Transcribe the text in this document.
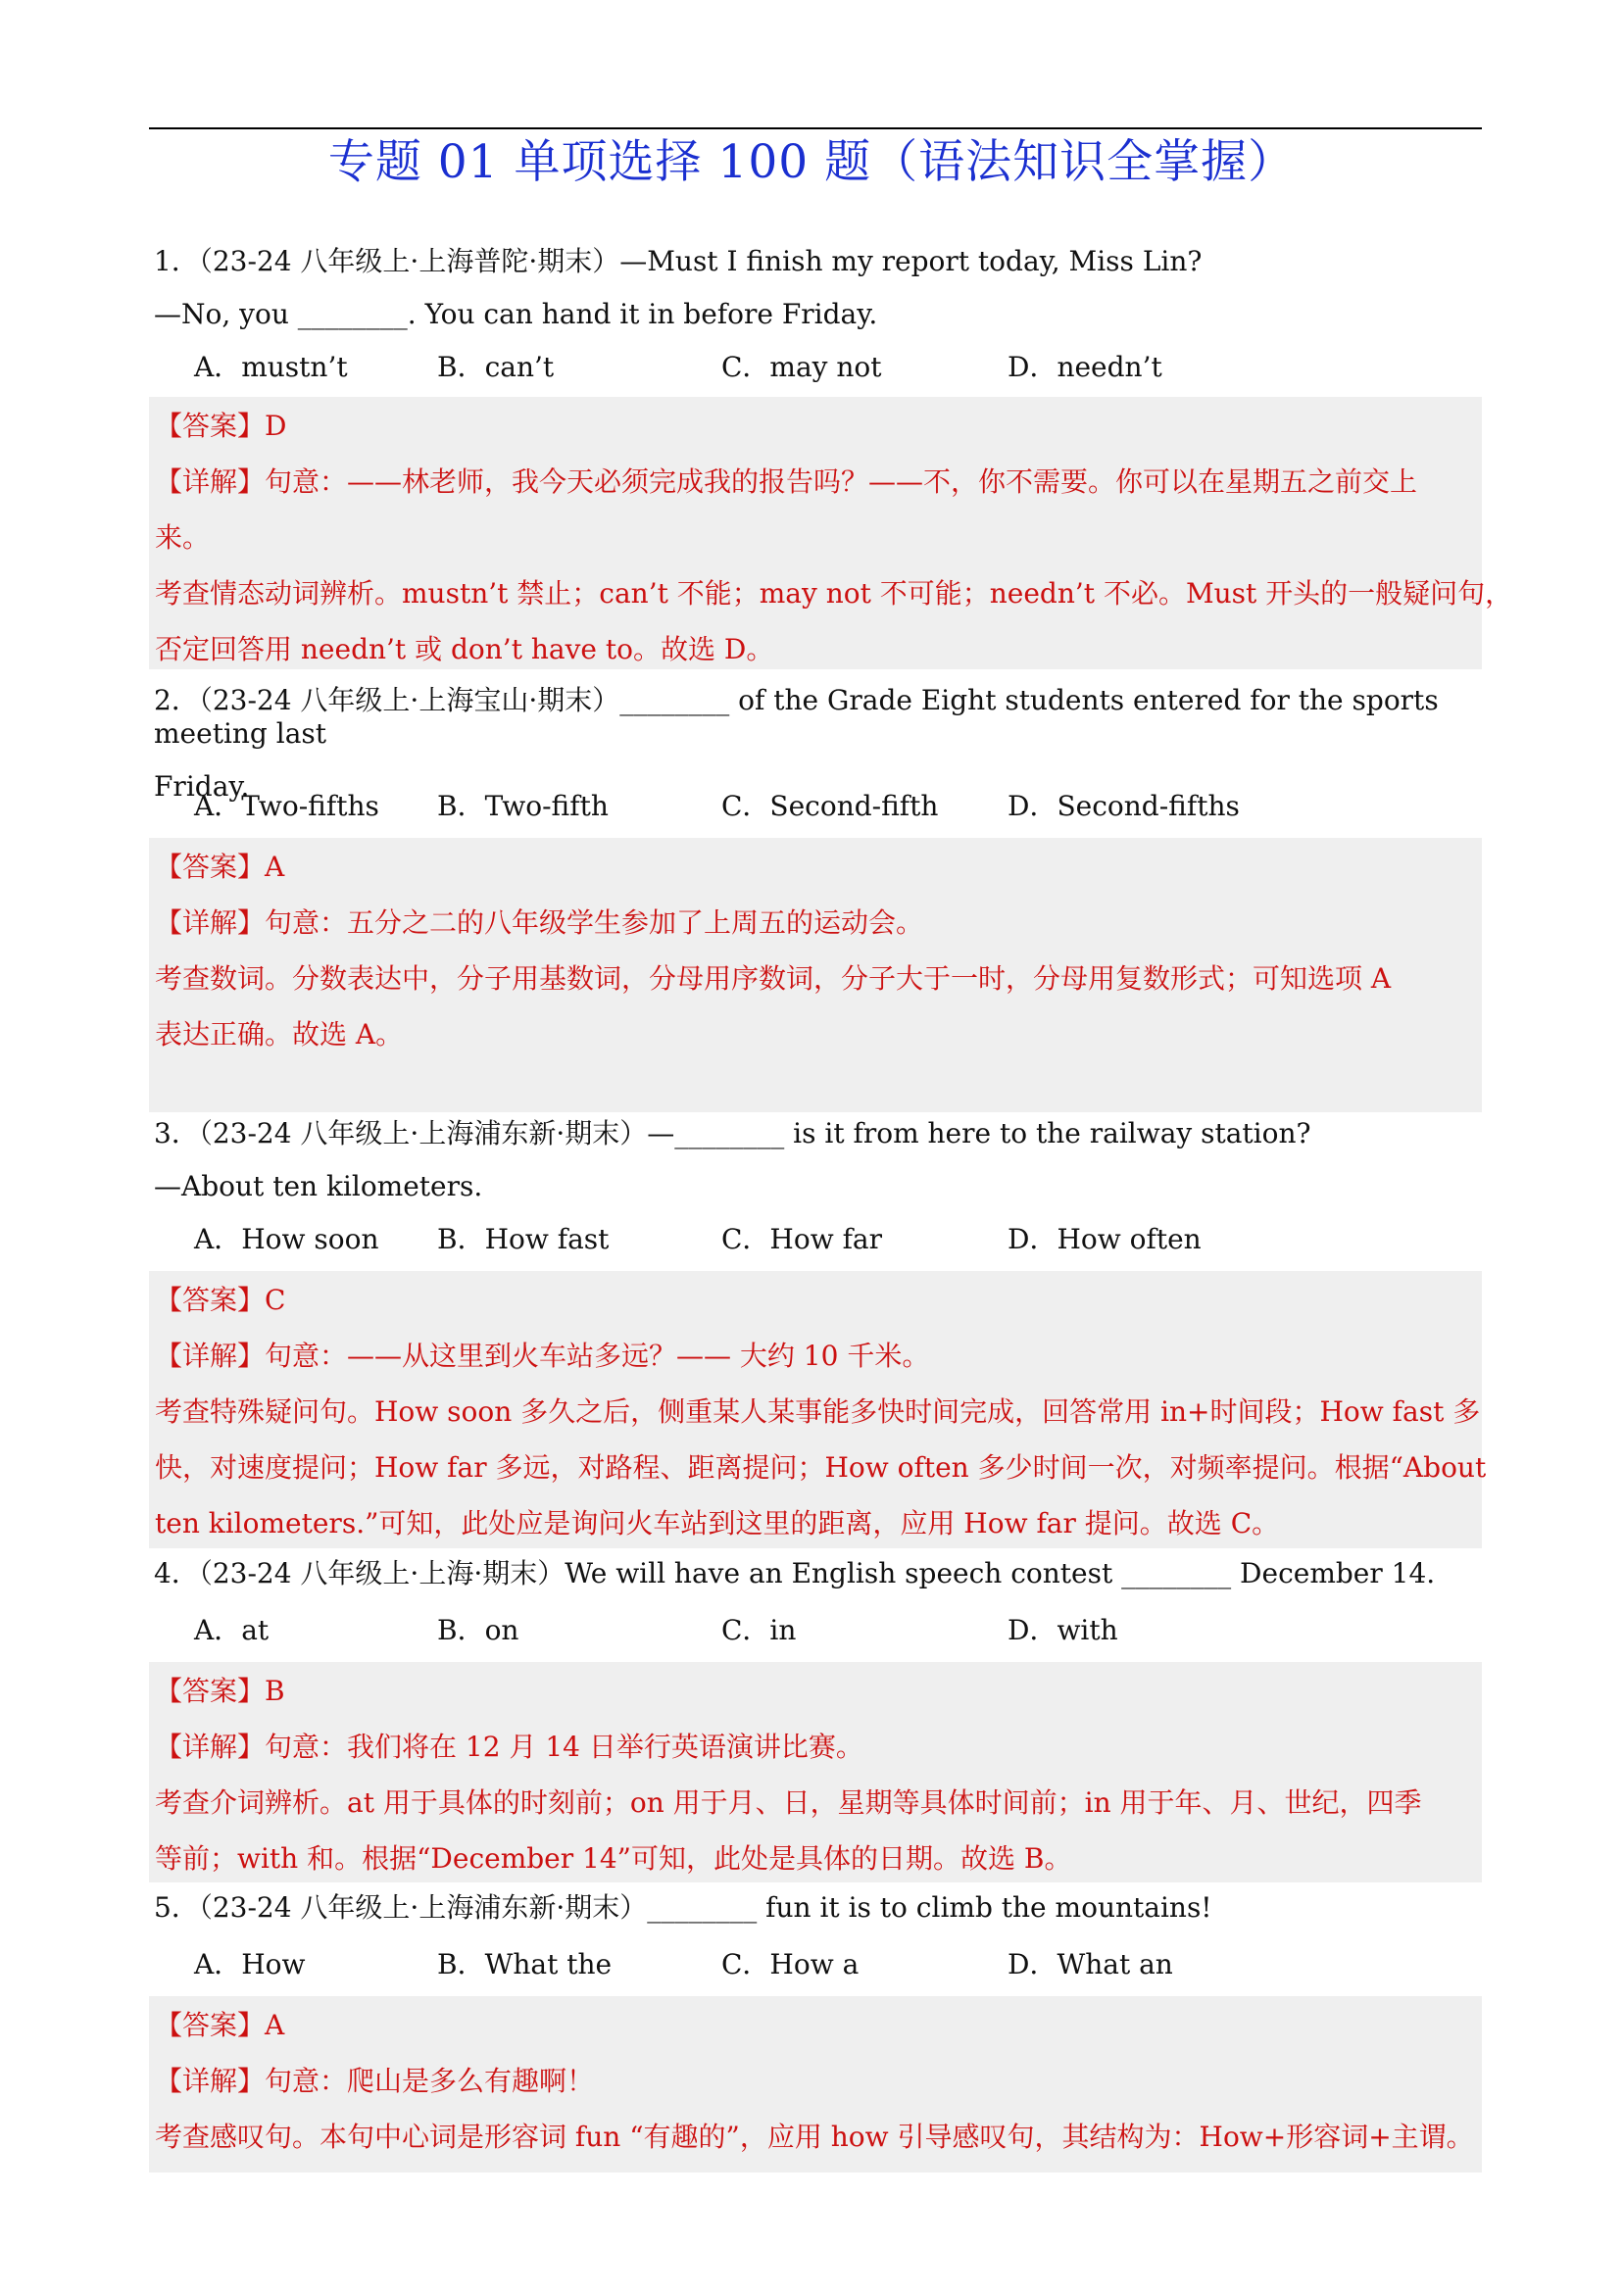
专题 01 单项选择 100 题（语法知识全掌握）

1．（23-24 八年级上·上海普陀·期末）—Must I finish my report today, Miss Lin?

—No, you ________. You can hand it in before Friday.

A．mustn’t	B．can’t	C．may not	D．needn’t
【答案】D
【详解】句意：——林老师，我今天必须完成我的报告吗？——不，你不需要。你可以在星期五之前交上
来。
考查情态动词辨析。mustn’t 禁止；can’t 不能；may not 不可能；needn’t 不必。Must 开头的一般疑问句，
否定回答用 needn’t 或 don’t have to。故选 D。

2．（23-24 八年级上·上海宝山·期末）________ of the Grade Eight students entered for the sports meeting last

Friday.

A．Two-fifths B．Two-fifth	C．Second-fifth	D．Second-fifths
【答案】A
【详解】句意：五分之二的八年级学生参加了上周五的运动会。
考查数词。分数表达中，分子用基数词，分母用序数词，分子大于一时，分母用复数形式；可知选项 A
表达正确。故选 A。

3．（23-24 八年级上·上海浦东新·期末）—________ is it from here to the railway station?

—About ten kilometers.

A．How soon B．How fast	C．How far	D．How often
【答案】C
【详解】句意：——从这里到火车站多远？—— 大约 10 千米。
考查特殊疑问句。How soon 多久之后，侧重某人某事能多快时间完成，回答常用 in+时间段；How fast 多
快，对速度提问；How far 多远，对路程、距离提问；How often 多少时间一次，对频率提问。根据“About
ten kilometers.”可知，此处应是询问火车站到这里的距离，应用 How far 提问。故选 C。

4．（23-24 八年级上·上海·期末）We will have an English speech contest ________ December 14.

A．at	B．on	C．in	D．with
【答案】B
【详解】句意：我们将在 12 月 14 日举行英语演讲比赛。
考查介词辨析。at 用于具体的时刻前；on 用于月、日，星期等具体时间前；in 用于年、月、世纪，四季
等前；with 和。根据“December 14”可知，此处是具体的日期。故选 B。

5．（23-24 八年级上·上海浦东新·期末）________ fun it is to climb the mountains!

A．How	B．What the	C．How a	D．What an
【答案】A
【详解】句意：爬山是多么有趣啊！
考查感叹句。本句中心词是形容词 fun “有趣的”，应用 how 引导感叹句，其结构为：How+形容词+主谓。
